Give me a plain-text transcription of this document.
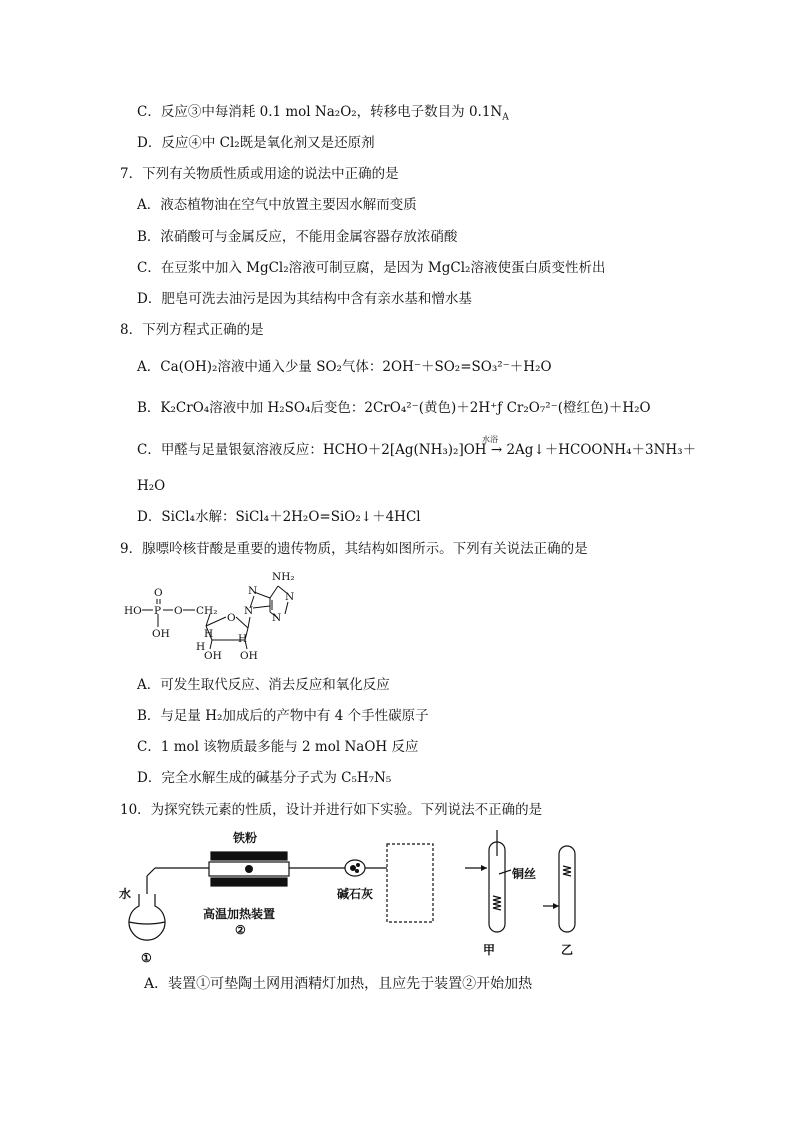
C．反应③中每消耗 0.1 mol Na₂O₂，转移电子数目为 $0.1N_A$
D．反应④中 Cl₂既是氧化剂又是还原剂
7．下列有关物质性质或用途的说法中正确的是
A．液态植物油在空气中放置主要因水解而变质
B．浓硝酸可与金属反应，不能用金属容器存放浓硝酸
C．在豆浆中加入 MgCl₂溶液可制豆腐，是因为 MgCl₂溶液使蛋白质变性析出
D．肥皂可洗去油污是因为其结构中含有亲水基和憎水基
8．下列方程式正确的是
A．Ca(OH)₂溶液中通入少量 SO₂气体：2OH⁻＋SO₂=SO₃²⁻＋H₂O
B．K₂CrO₄溶液中加 H₂SO₄后变色：2CrO₄²⁻(黄色)＋2H⁺ƒ Cr₂O₇²⁻(橙红色)＋H₂O
水浴
C．甲醛与足量银氨溶液反应：HCHO＋2[Ag(NH₃)₂]OH → 2Ag↓＋HCOONH₄＋3NH₃＋
H₂O
D．SiCl₄水解：SiCl₄＋2H₂O=SiO₂↓＋4HCl
9．腺嘌呤核苷酸是重要的遗传物质，其结构如图所示。下列有关说法正确的是
HO P
O
OH
O CH₂
O
H
H
H
OH OH
NH₂
N
N
N
N
A．可发生取代反应、消去反应和氧化反应
B．与足量 H₂加成后的产物中有 4 个手性碳原子
C．1 mol 该物质最多能与 2 mol NaOH 反应
D．完全水解生成的碱基分子式为 C₅H₇N₅
10．为探究铁元素的性质，设计并进行如下实验。下列说法不正确的是
铁粉
水
高温加热装置
②
①
碱石灰
铜丝
甲	乙
A．装置①可垫陶土网用酒精灯加热，且应先于装置②开始加热
